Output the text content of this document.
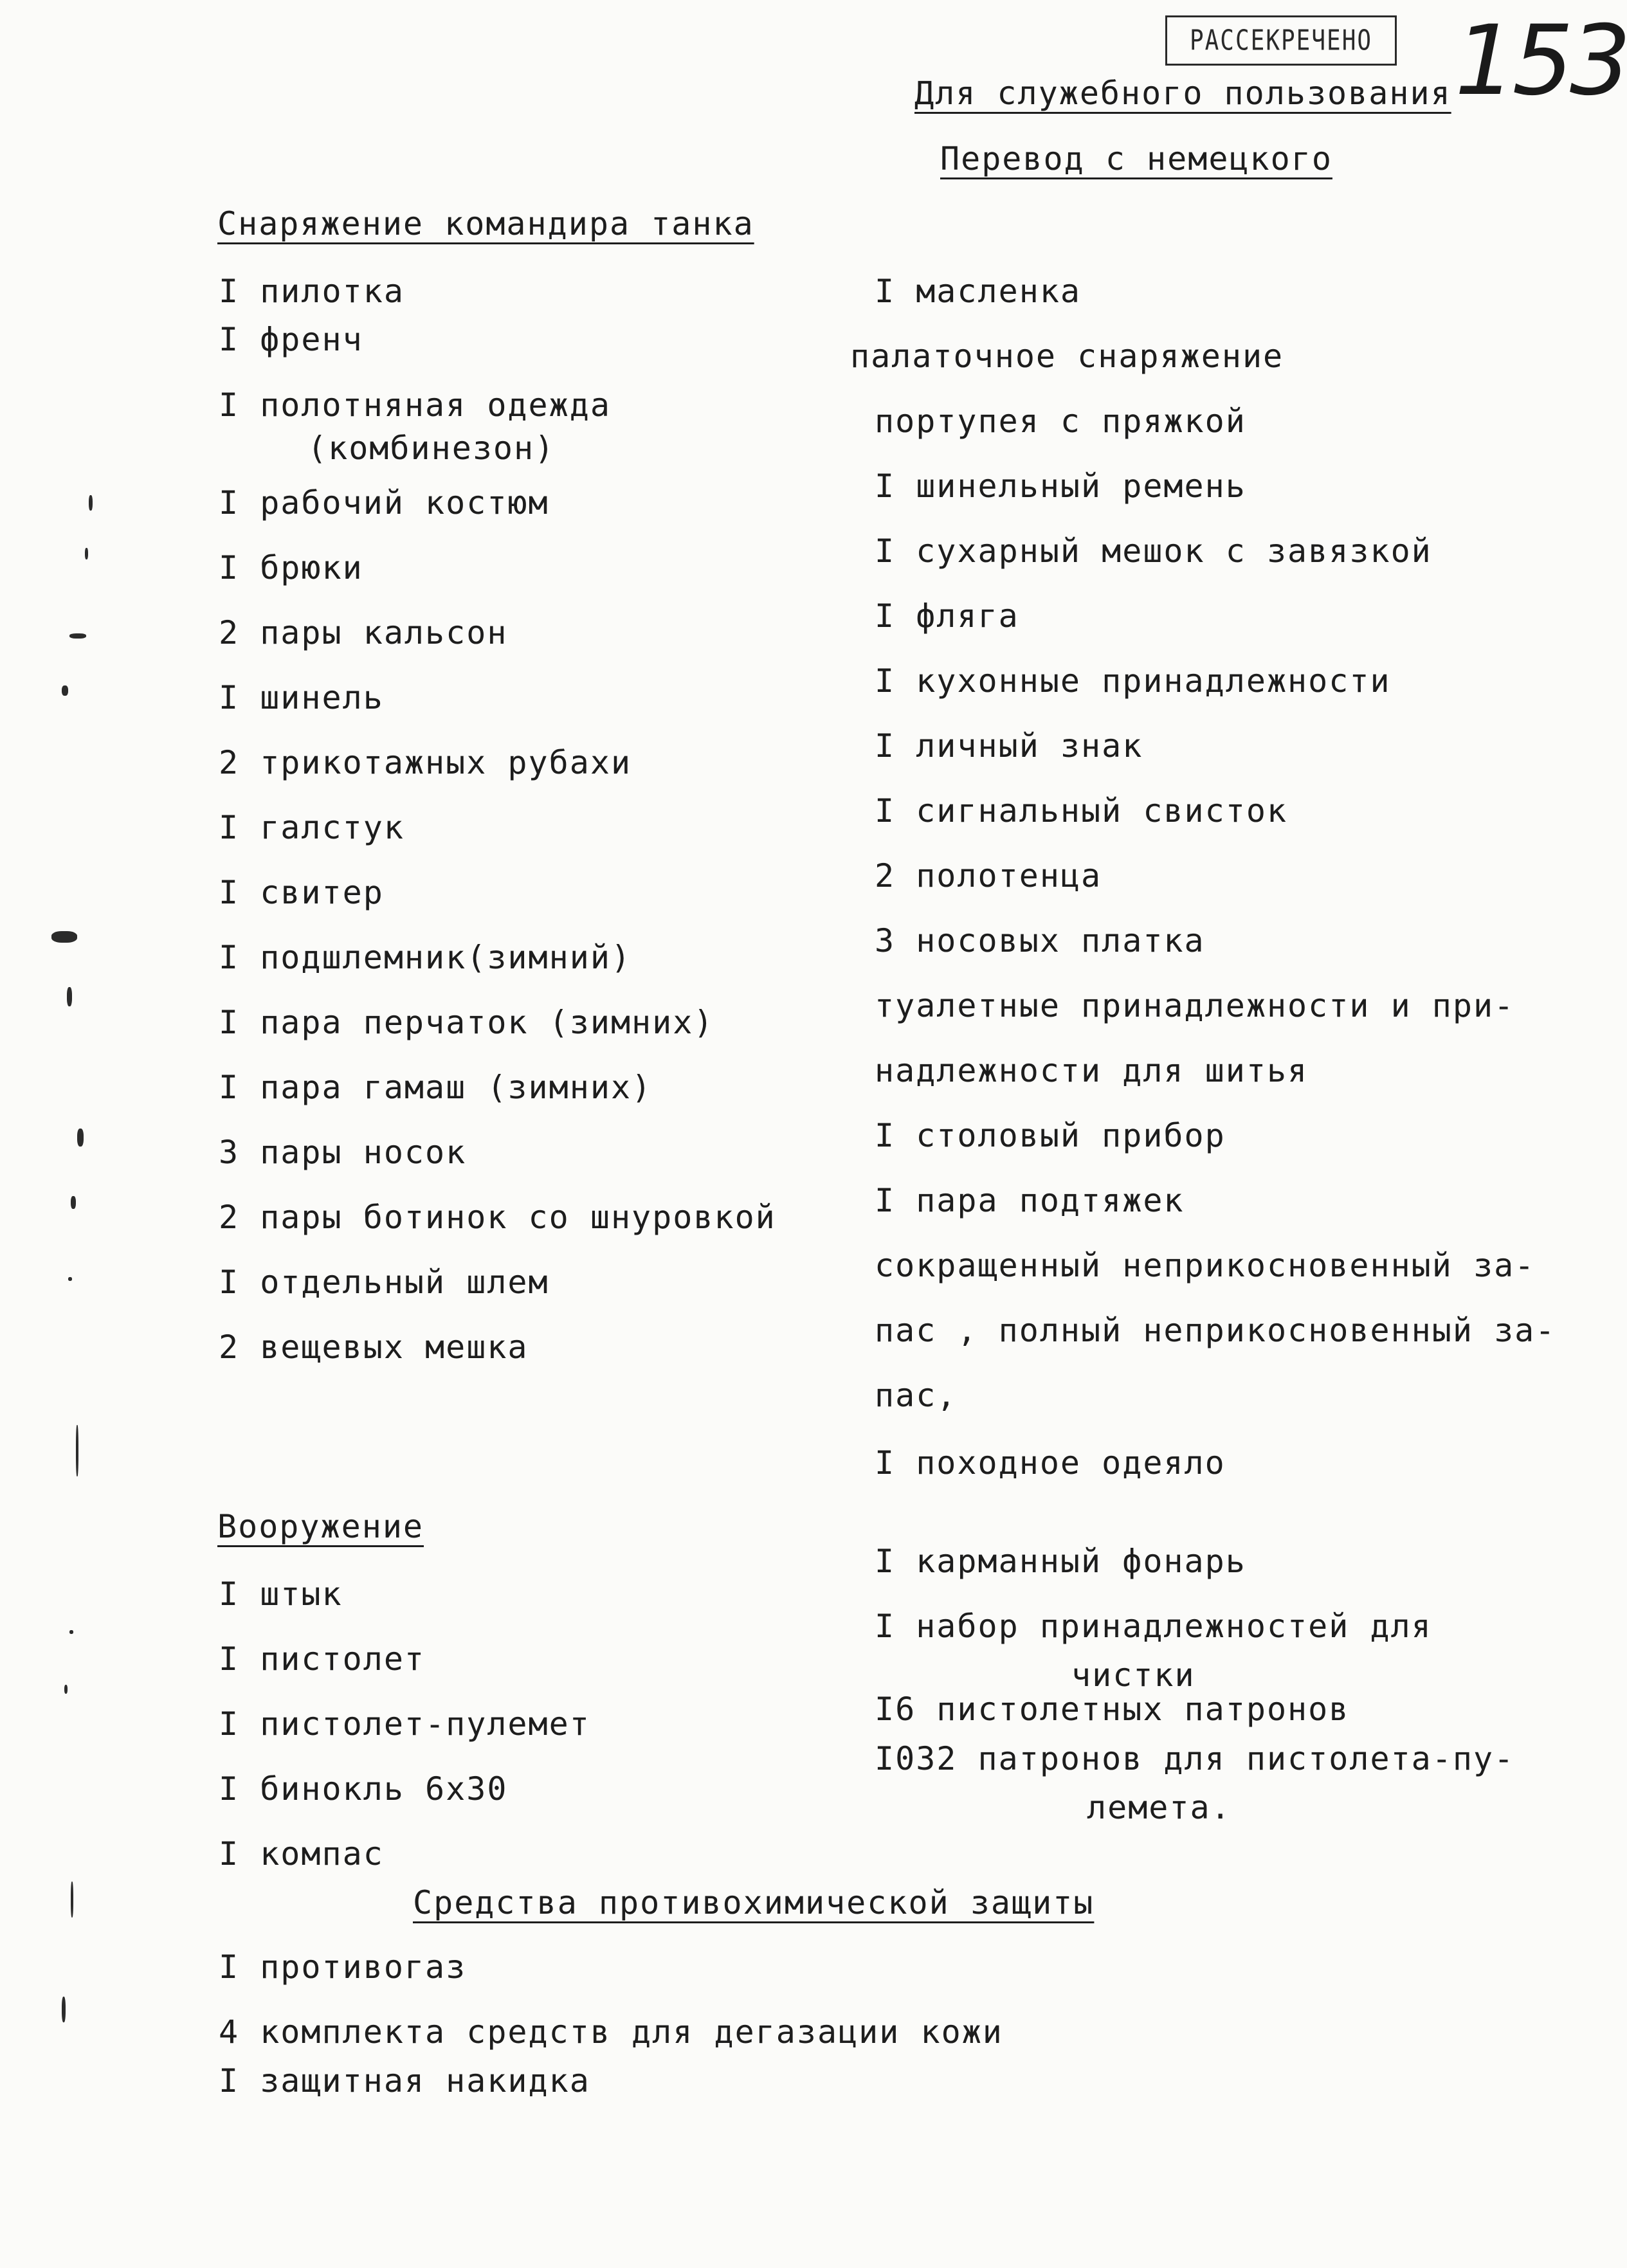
РАССЕКРЕЧЕНО 153
Для служебного пользования
Перевод с немецкого
Снаряжение командира танка
I пилотка
I френч
I полотняная одежда
(комбинезон)
I рабочий костюм
I брюки
2 пары кальсон
I шинель
2 трикотажных рубахи
I галстук
I свитер
I подшлемник(зимний)
I пара перчаток (зимних)
I пара гамаш (зимних)
3 пары носок
2 пары ботинок со шнуровкой
I отдельный шлем
2 вещевых мешка
I масленка
палаточное снаряжение
портупея с пряжкой
I шинельный ремень
I сухарный мешок с завязкой
I фляга
I кухонные принадлежности
I личный знак
I сигнальный свисток
2 полотенца
3 носовых платка
туалетные принадлежности и при-
надлежности для шитья
I столовый прибор
I пара подтяжек
сокращенный неприкосновенный за-
пас , полный неприкосновенный за-
пас,
I походное одеяло
Вооружение
I штык
I пистолет
I пистолет-пулемет
I бинокль 6х30
I компас
I карманный фонарь
I набор принадлежностей для
чистки
I6 пистолетных патронов
I032 патронов для пистолета-пу-
лемета.
Средства противохимической защиты
I противогаз
4 комплекта средств для дегазации кожи
I защитная накидка
